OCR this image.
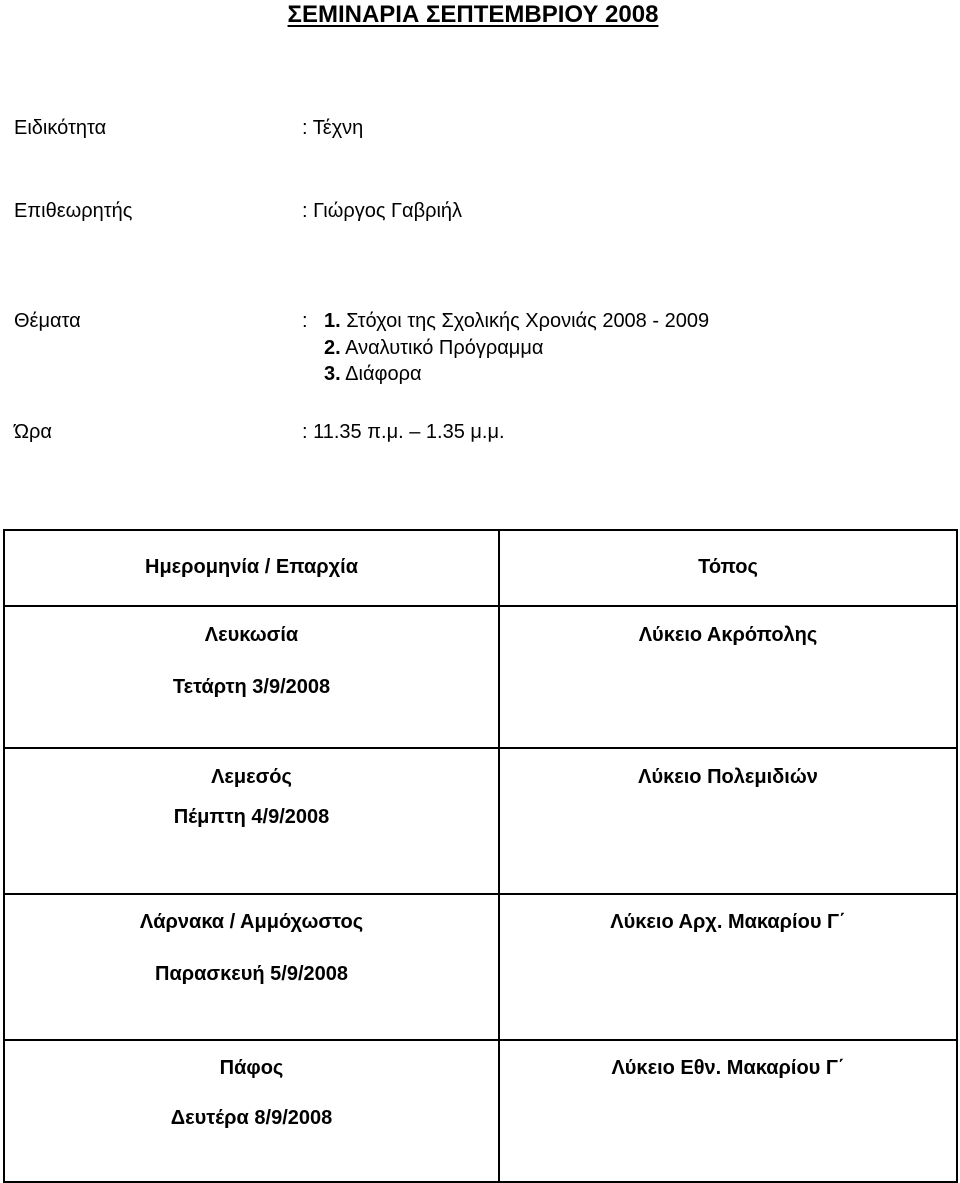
ΣΕΜΙΝΑΡΙΑ ΣΕΠΤΕΜΒΡΙΟΥ 2008
Ειδικότητα	: Τέχνη
Επιθεωρητής	: Γιώργος Γαβριήλ
Θέματα	: 1. Στόχοι της Σχολικής Χρονιάς 2008 - 2009
2. Αναλυτικό Πρόγραμμα
3. Διάφορα
Ώρα	: 11.35 π.μ. – 1.35 μ.μ.
Ημερομηνία / Επαρχία	Τόπος

Λευκωσία
Τετάρτη 3/9/2008	Λύκειο Ακρόπολης

Λεμεσός
Πέμπτη 4/9/2008	Λύκειο Πολεμιδιών

Λάρνακα / Αμμόχωστος
Παρασκευή 5/9/2008	Λύκειο Αρχ. Μακαρίου Γ΄

Πάφος
Δευτέρα 8/9/2008	Λύκειο Εθν. Μακαρίου Γ΄
